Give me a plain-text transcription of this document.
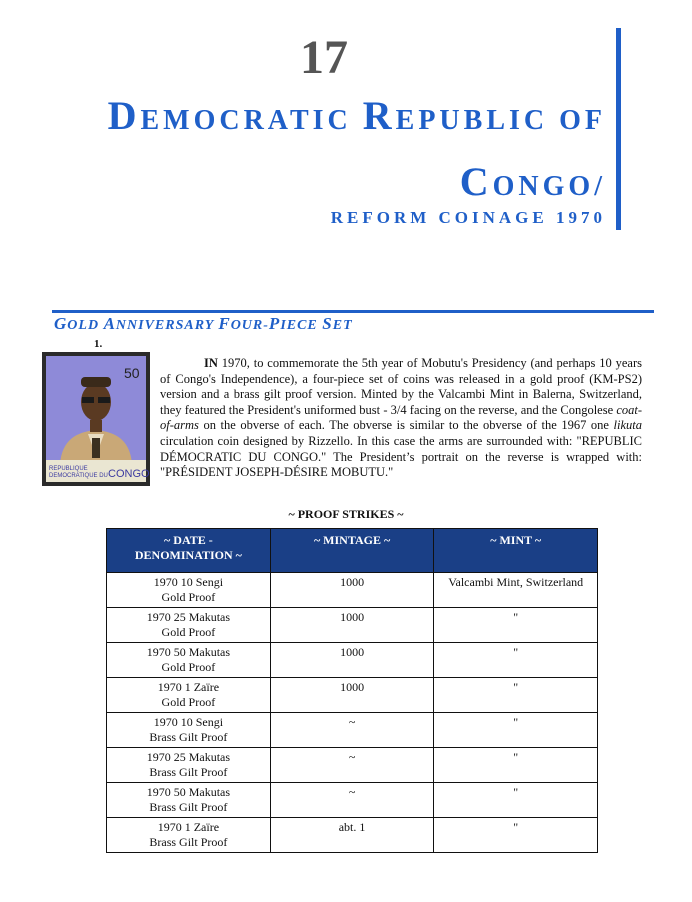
17
DEMOCRATIC REPUBLIC OF
CONGO/
REFORM COINAGE 1970
GOLD ANNIVERSARY FOUR-PIECE SET
1.
50
REPUBLIQUE
DEMOCRATIQUE DU CONGO
IN 1970, to commemorate the 5th year of Mobutu's Presidency (and perhaps 10 years of Congo's Independence), a four-piece set of coins was released in a gold proof (KM-PS2) version and a brass gilt proof version. Minted by the Valcambi Mint in Balerna, Switzerland, they featured the President's uniformed bust - 3/4 facing on the reverse, and the Congolese coat-of-arms on the obverse of each. The obverse is similar to the obverse of the 1967 one likuta circulation coin designed by Rizzello. In this case the arms are surrounded with: "REPUBLIC DÉMOCRATIC DU CONGO." The President’s portrait on the reverse is wrapped with: "PRÉSIDENT JOSEPH-DÉSIRE MOBUTU."
~ PROOF STRIKES ~
~ DATE -
DENOMINATION ~	~ MINTAGE ~	~ MINT ~
1970 10 Sengi
Gold Proof	1000	Valcambi Mint, Switzerland
1970 25 Makutas
Gold Proof	1000	"
1970 50 Makutas
Gold Proof	1000	"
1970 1 Zaïre
Gold Proof	1000	"
1970 10 Sengi
Brass Gilt Proof	~	"
1970 25 Makutas
Brass Gilt Proof	~	"
1970 50 Makutas
Brass Gilt Proof	~	"
1970 1 Zaïre
Brass Gilt Proof	abt. 1	"
